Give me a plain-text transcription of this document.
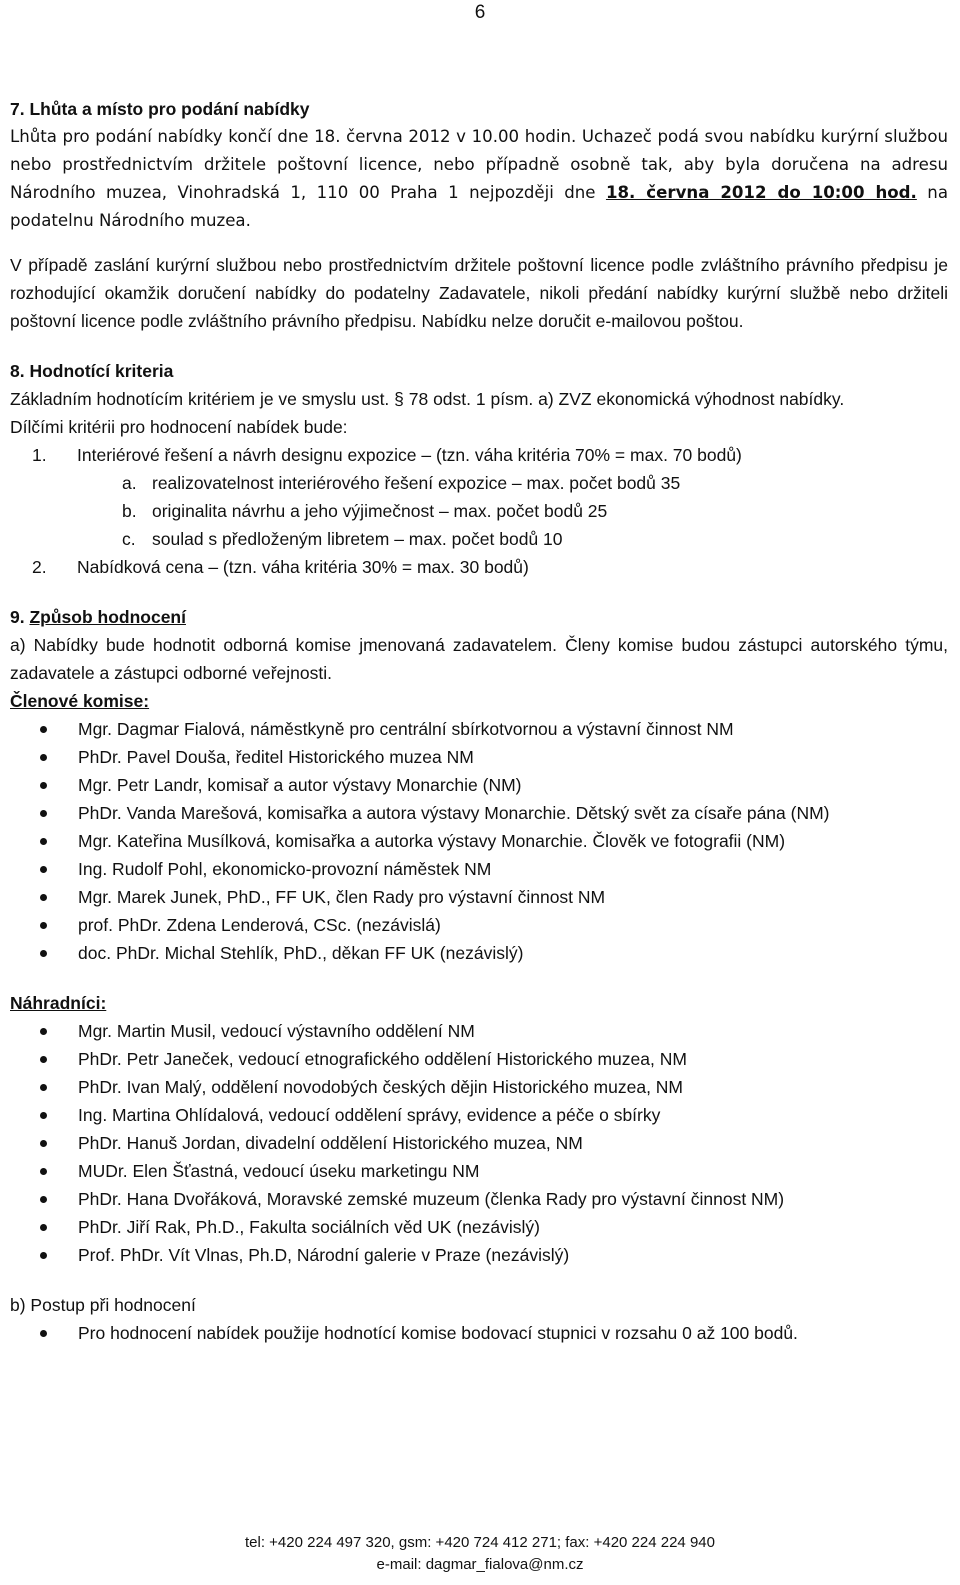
6

7. Lhůta a místo pro podání nabídky

Lhůta pro podání nabídky končí dne 18. června 2012 v 10.00 hodin. Uchazeč podá svou nabídku kurýrní službou nebo prostřednictvím držitele poštovní licence, nebo případně osobně tak, aby byla doručena na adresu Národního muzea, Vinohradská 1, 110 00 Praha 1 nejpozději dne 18. června 2012 do 10:00 hod. na podatelnu Národního muzea.

V případě zaslání kurýrní službou nebo prostřednictvím držitele poštovní licence podle zvláštního právního předpisu je rozhodující okamžik doručení nabídky do podatelny Zadavatele, nikoli předání nabídky kurýrní službě nebo držiteli poštovní licence podle zvláštního právního předpisu. Nabídku nelze doručit e-mailovou poštou.

8. Hodnotící kriteria

Základním hodnotícím kritériem je ve smyslu ust. § 78 odst. 1 písm. a) ZVZ ekonomická výhodnost nabídky.

Dílčími kritérii pro hodnocení nabídek bude:

1. Interiérové řešení a návrh designu expozice – (tzn. váha kritéria 70% = max. 70 bodů)
a. realizovatelnost interiérového řešení expozice – max. počet bodů 35
b. originalita návrhu a jeho výjimečnost – max. počet bodů 25
c. soulad s předloženým libretem – max. počet bodů 10
2. Nabídková cena – (tzn. váha kritéria 30% = max. 30 bodů)

9. Způsob hodnocení

a) Nabídky bude hodnotit odborná komise jmenovaná zadavatelem. Členy komise budou zástupci autorského týmu, zadavatele a zástupci odborné veřejnosti.

Členové komise:

Mgr. Dagmar Fialová, náměstkyně pro centrální sbírkotvornou a výstavní činnost NM
PhDr. Pavel Douša, ředitel Historického muzea NM
Mgr. Petr Landr, komisař a autor výstavy Monarchie (NM)
PhDr. Vanda Marešová, komisařka a autora výstavy Monarchie. Dětský svět za císaře pána (NM)
Mgr. Kateřina Musílková, komisařka a autorka výstavy Monarchie. Člověk ve fotografii (NM)
Ing. Rudolf Pohl, ekonomicko-provozní náměstek NM
Mgr. Marek Junek, PhD., FF UK, člen Rady pro výstavní činnost NM
prof. PhDr. Zdena Lenderová, CSc. (nezávislá)
doc. PhDr. Michal Stehlík, PhD., děkan FF UK (nezávislý)

Náhradníci:

Mgr. Martin Musil, vedoucí výstavního oddělení NM
PhDr. Petr Janeček, vedoucí etnografického oddělení Historického muzea, NM
PhDr. Ivan Malý, oddělení novodobých českých dějin Historického muzea, NM
Ing. Martina Ohlídalová, vedoucí oddělení správy, evidence a péče o sbírky
PhDr. Hanuš Jordan, divadelní oddělení Historického muzea, NM
MUDr. Elen Šťastná, vedoucí úseku marketingu NM
PhDr. Hana Dvořáková, Moravské zemské muzeum (členka Rady pro výstavní činnost NM)
PhDr. Jiří Rak, Ph.D., Fakulta sociálních věd UK (nezávislý)
Prof. PhDr. Vít Vlnas, Ph.D, Národní galerie v Praze (nezávislý)

b) Postup při hodnocení

Pro hodnocení nabídek použije hodnotící komise bodovací stupnici v rozsahu 0 až 100 bodů.
tel: +420 224 497 320, gsm: +420 724 412 271; fax: +420 224 224 940
e-mail: dagmar_fialova@nm.cz
